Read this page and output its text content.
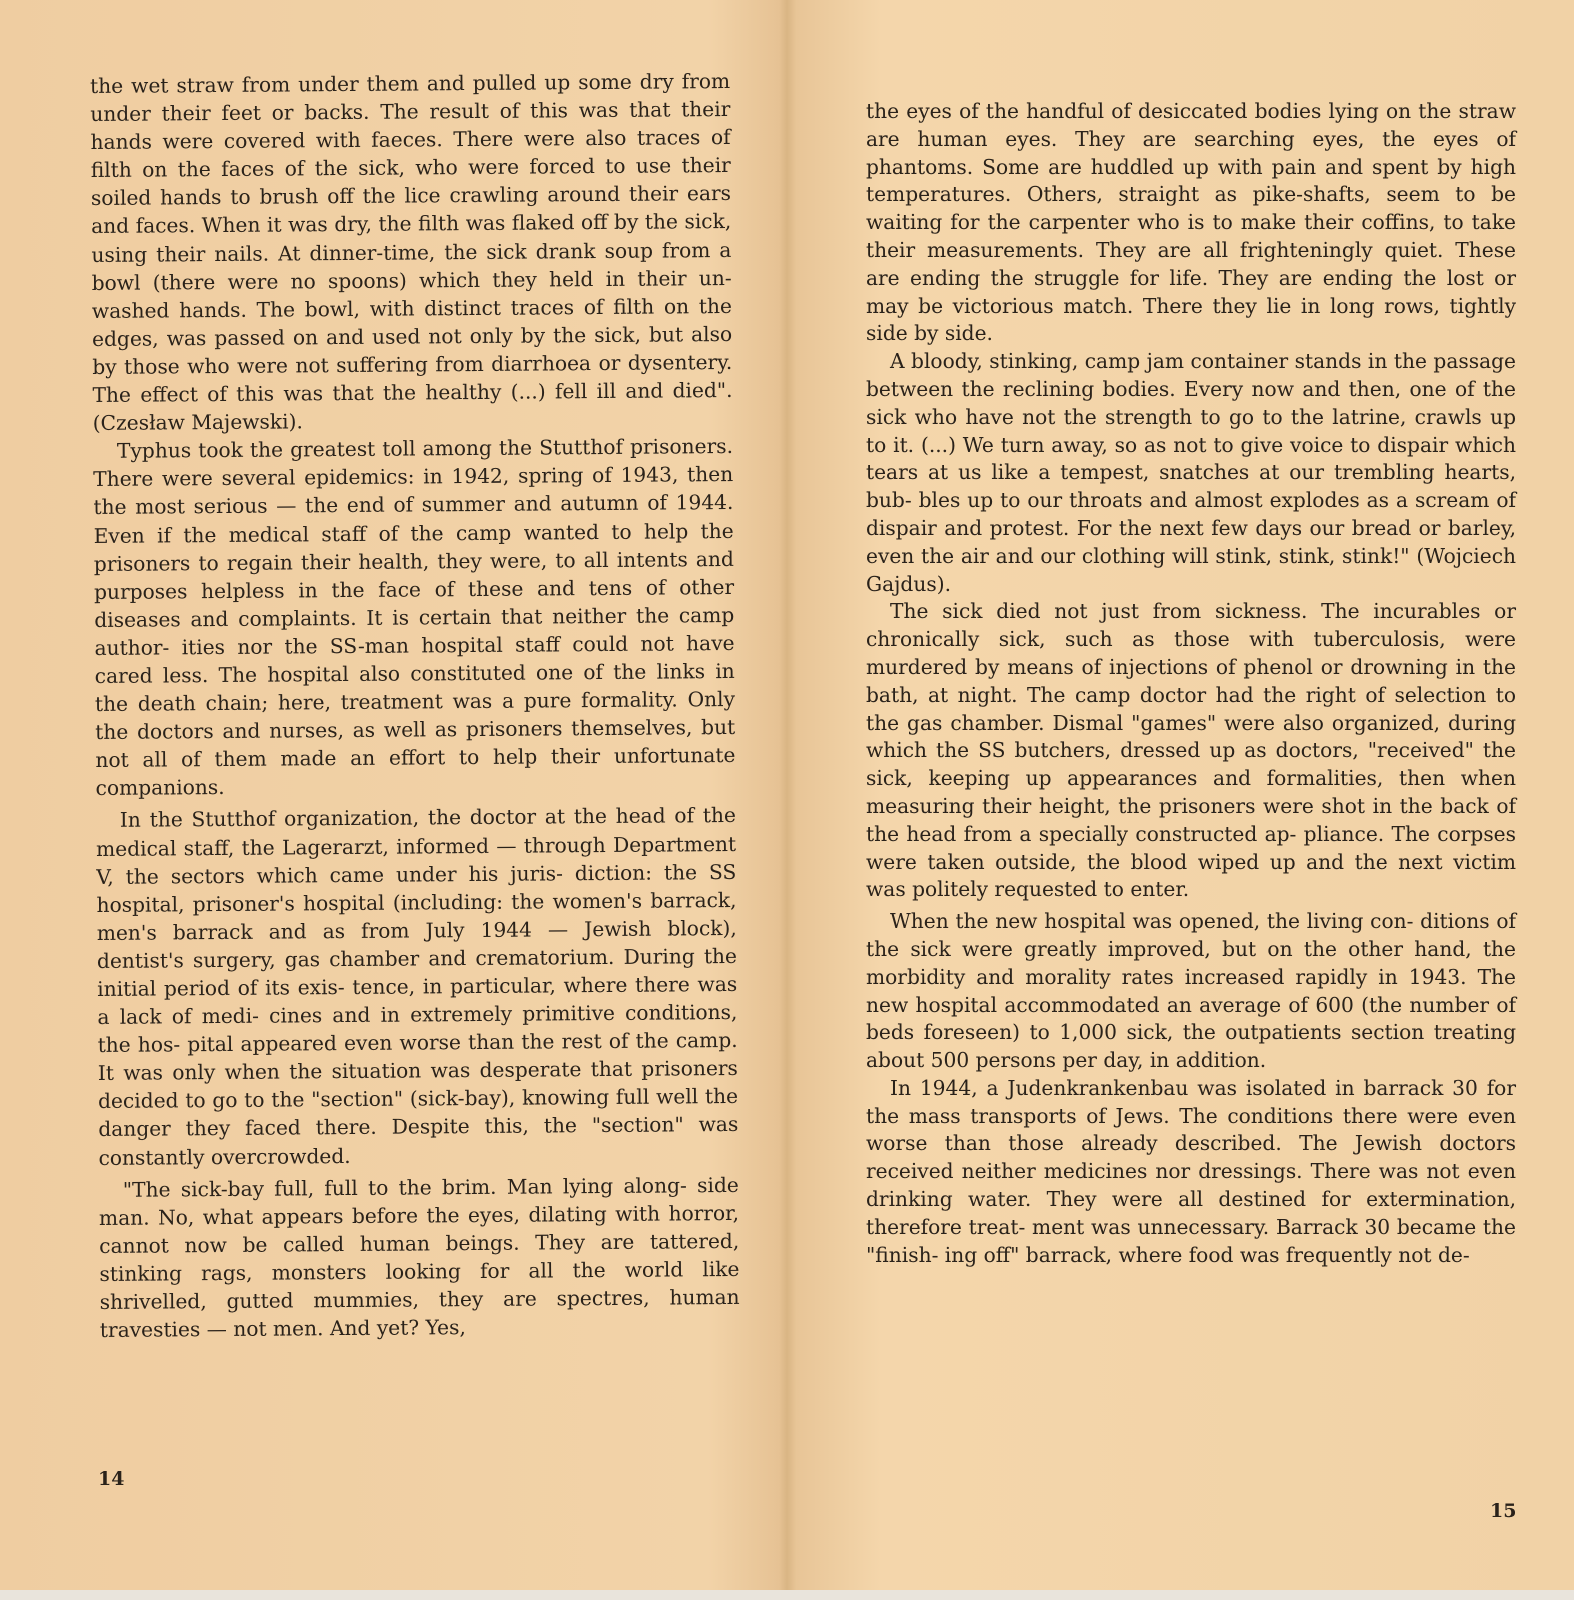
the wet straw from under them and pulled up some dry from under their feet or backs. The result of this was that their hands were covered with faeces. There were also traces of filth on the faces of the sick, who were forced to use their soiled hands to brush off the lice crawling around their ears and faces. When it was dry, the filth was flaked off by the sick, using their nails. At dinner-time, the sick drank soup from a bowl (there were no spoons) which they held in their un- washed hands. The bowl, with distinct traces of filth on the edges, was passed on and used not only by the sick, but also by those who were not suffering from diarrhoea or dysentery. The effect of this was that the healthy (...) fell ill and died". (Czesław Majewski).

Typhus took the greatest toll among the Stutthof prisoners. There were several epidemics: in 1942, spring of 1943, then the most serious — the end of summer and autumn of 1944. Even if the medical staff of the camp wanted to help the prisoners to regain their health, they were, to all intents and purposes helpless in the face of these and tens of other diseases and complaints. It is certain that neither the camp author- ities nor the SS-man hospital staff could not have cared less. The hospital also constituted one of the links in the death chain; here, treatment was a pure formality. Only the doctors and nurses, as well as prisoners themselves, but not all of them made an effort to help their unfortunate companions.

In the Stutthof organization, the doctor at the head of the medical staff, the Lagerarzt, informed — through Department V, the sectors which came under his juris- diction: the SS hospital, prisoner's hospital (including: the women's barrack, men's barrack and as from July 1944 — Jewish block), dentist's surgery, gas chamber and crematorium. During the initial period of its exis- tence, in particular, where there was a lack of medi- cines and in extremely primitive conditions, the hos- pital appeared even worse than the rest of the camp. It was only when the situation was desperate that prisoners decided to go to the "section" (sick-bay), knowing full well the danger they faced there. Despite this, the "section" was constantly overcrowded.

"The sick-bay full, full to the brim. Man lying along- side man. No, what appears before the eyes, dilating with horror, cannot now be called human beings. They are tattered, stinking rags, monsters looking for all the world like shrivelled, gutted mummies, they are spectres, human travesties — not men. And yet? Yes,

14

the eyes of the handful of desiccated bodies lying on the straw are human eyes. They are searching eyes, the eyes of phantoms. Some are huddled up with pain and spent by high temperatures. Others, straight as pike-shafts, seem to be waiting for the carpenter who is to make their coffins, to take their measurements. They are all frighteningly quiet. These are ending the struggle for life. They are ending the lost or may be victorious match. There they lie in long rows, tightly side by side.

A bloody, stinking, camp jam container stands in the passage between the reclining bodies. Every now and then, one of the sick who have not the strength to go to the latrine, crawls up to it. (...) We turn away, so as not to give voice to dispair which tears at us like a tempest, snatches at our trembling hearts, bub- bles up to our throats and almost explodes as a scream of dispair and protest. For the next few days our bread or barley, even the air and our clothing will stink, stink, stink!" (Wojciech Gajdus).

The sick died not just from sickness. The incurables or chronically sick, such as those with tuberculosis, were murdered by means of injections of phenol or drowning in the bath, at night. The camp doctor had the right of selection to the gas chamber. Dismal "games" were also organized, during which the SS butchers, dressed up as doctors, "received" the sick, keeping up appearances and formalities, then when measuring their height, the prisoners were shot in the back of the head from a specially constructed ap- pliance. The corpses were taken outside, the blood wiped up and the next victim was politely requested to enter.

When the new hospital was opened, the living con- ditions of the sick were greatly improved, but on the other hand, the morbidity and morality rates increased rapidly in 1943. The new hospital accommodated an average of 600 (the number of beds foreseen) to 1,000 sick, the outpatients section treating about 500 persons per day, in addition.

In 1944, a Judenkrankenbau was isolated in barrack 30 for the mass transports of Jews. The conditions there were even worse than those already described. The Jewish doctors received neither medicines nor dressings. There was not even drinking water. They were all destined for extermination, therefore treat- ment was unnecessary. Barrack 30 became the "finish- ing off" barrack, where food was frequently not de-

15
